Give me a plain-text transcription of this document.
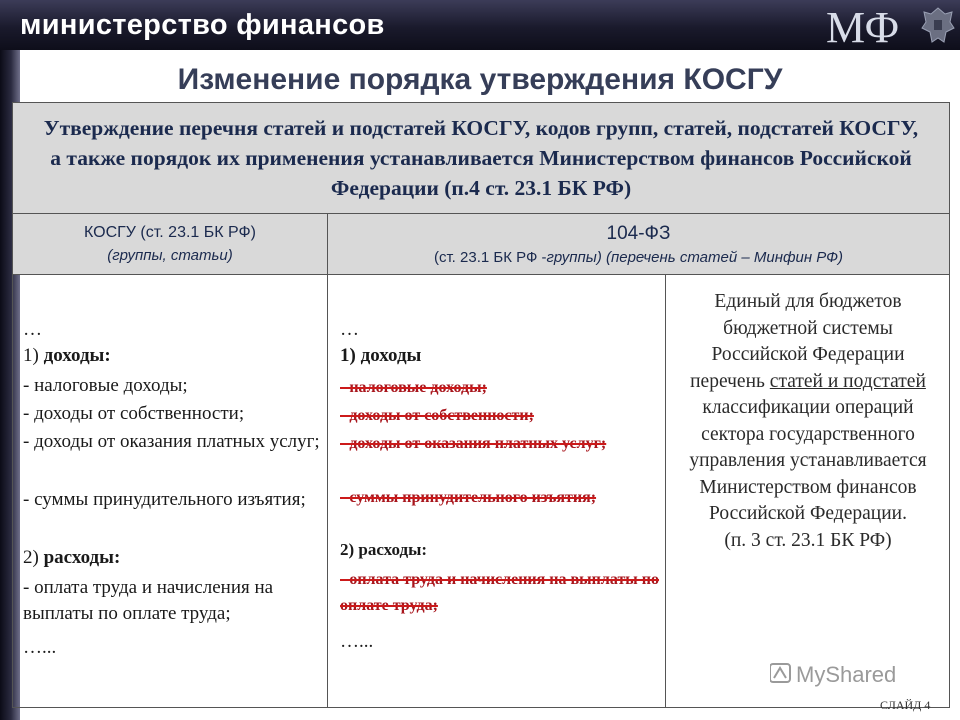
министерство финансов	МФ
Изменение порядка утверждения КОСГУ
Утверждение перечня статей и подстатей КОСГУ, кодов групп, статей, подстатей КОСГУ, а также порядок их применения устанавливается Министерством финансов Российской Федерации (п.4 ст. 23.1 БК РФ)
КОСГУ (ст. 23.1 БК РФ)
(группы, статьи)
104-ФЗ
(ст. 23.1 БК РФ -группы) (перечень статей – Минфин РФ)

…

1) доходы:

- налоговые доходы;

- доходы от собственности;

- доходы от оказания платных услуг;

- суммы принудительного изъятия;

2) расходы:

- оплата труда и начисления на выплаты по оплате труда;

…...

…

1) доходы

- налоговые доходы;

- доходы от собственности;

- доходы от оказания платных услуг;

- суммы принудительного изъятия;

2) расходы:

- оплата труда и начисления на выплаты по оплате труда;

…...

Единый для бюджетов бюджетной системы Российской Федерации перечень статей и подстатей классификации операций сектора государственного управления устанавливается Министерством финансов Российской Федерации.
(п. 3 ст. 23.1 БК РФ)

MyShared
СЛАЙД 4
